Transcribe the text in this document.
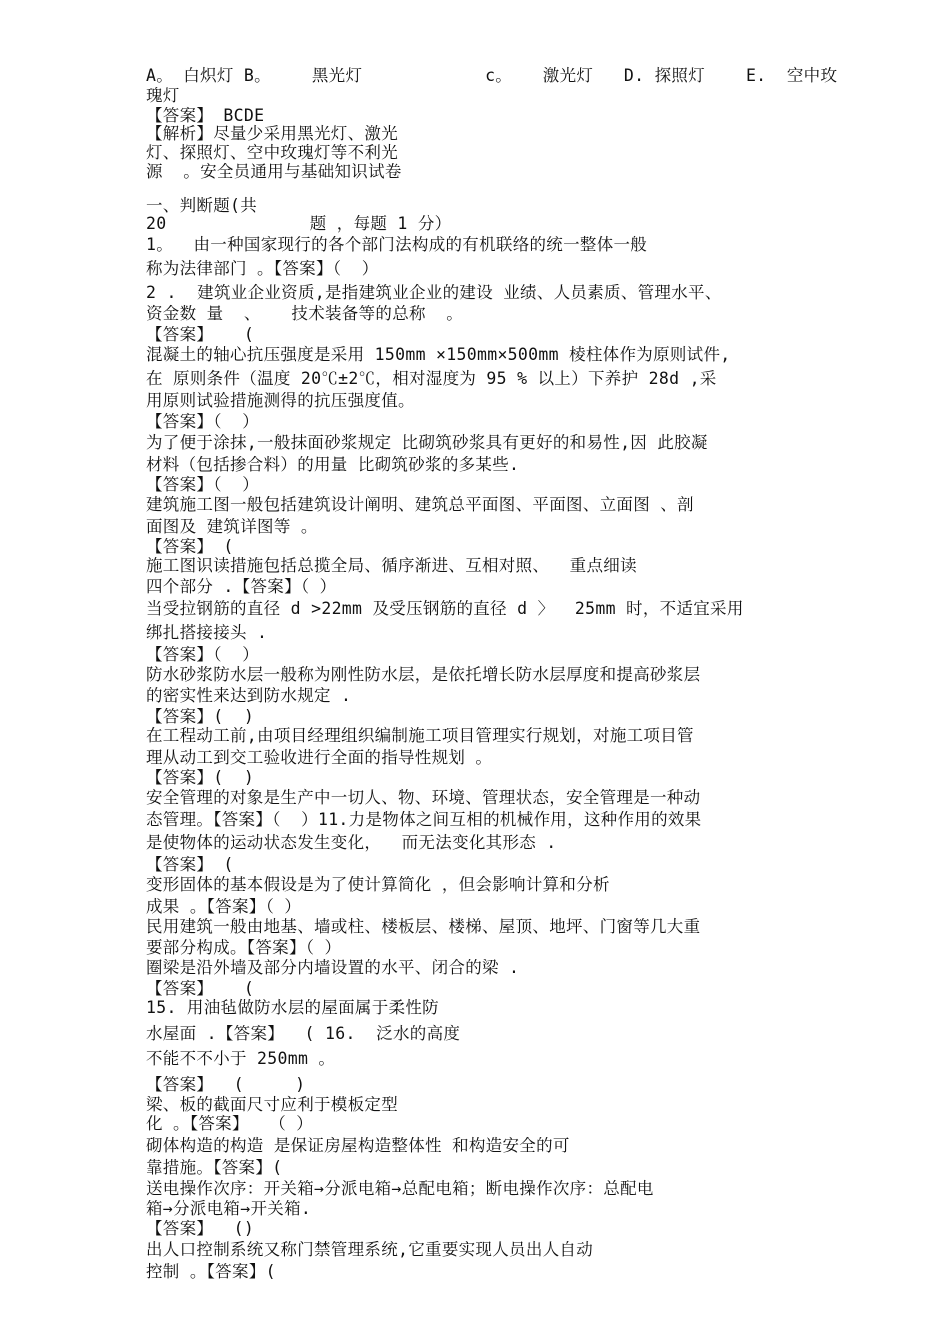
A。 白炽灯 B。    黑光灯            c。   激光灯   D. 探照灯    E.  空中玫
瑰灯
【答案】 BCDE
【解析】尽量少采用黑光灯、激光
灯、探照灯、空中玫瑰灯等不利光
源  。安全员通用与基础知识试卷
一、判断题(共
20              题 ，每题 1 分）
1。  由一种国家现行的各个部门法构成的有机联络的统一整体一般
称为法律部门 。【答案】（  ）
2 .  建筑业企业资质,是指建筑业企业的建设 业绩、人员素质、管理水平、
资金数 量  、   技术装备等的总称  。
【答案】   (
混凝土的轴心抗压强度是采用 150mm ×150mm×500mm 棱柱体作为原则试件,
在 原则条件（温度 20℃±2℃，相对湿度为 95 % 以上）下养护 28d ,采
用原则试验措施测得的抗压强度值。
【答案】（  ）
为了便于涂抹,一般抹面砂浆规定 比砌筑砂浆具有更好的和易性,因 此胶凝
材料（包括掺合料）的用量 比砌筑砂浆的多某些.
【答案】（  ）
建筑施工图一般包括建筑设计阐明、建筑总平面图、平面图、立面图 、剖
面图及 建筑详图等 。
【答案】 (
施工图识读措施包括总揽全局、循序渐进、互相对照、  重点细读
四个部分 .【答案】（ ）
当受拉钢筋的直径 d >22mm 及受压钢筋的直径 d 〉  25mm 时，不适宜采用
绑扎搭接接头 .
【答案】（  ）
防水砂浆防水层一般称为刚性防水层，是依托增长防水层厚度和提高砂浆层
的密实性来达到防水规定 .
【答案】(  )
在工程动工前,由项目经理组织编制施工项目管理实行规划，对施工项目管
理从动工到交工验收进行全面的指导性规划 。
【答案】(  )
安全管理的对象是生产中一切人、物、环境、管理状态，安全管理是一种动
态管理。【答案】（  ）11.力是物体之间互相的机械作用，这种作用的效果
是使物体的运动状态发生变化，  而无法变化其形态 .
【答案】 (
变形固体的基本假设是为了使计算简化 ，但会影响计算和分析
成果 。【答案】（ ）
民用建筑一般由地基、墙或柱、楼板层、楼梯、屋顶、地坪、门窗等几大重
要部分构成。【答案】（ ）
圈梁是沿外墙及部分内墙设置的水平、闭合的梁 .
【答案】   (
15. 用油毡做防水层的屋面属于柔性防
水屋面 .【答案】  ( 16.  泛水的高度
不能不不小于 250mm 。
【答案】  (     )
梁、板的截面尺寸应利于模板定型
化 。【答案】  （ ）
砌体构造的构造 是保证房屋构造整体性 和构造安全的可
靠措施。【答案】(
送电操作次序：开关箱→分派电箱→总配电箱；断电操作次序：总配电
箱→分派电箱→开关箱.
【答案】  ()
出人口控制系统又称门禁管理系统,它重要实现人员出人自动
控制 。【答案】(
